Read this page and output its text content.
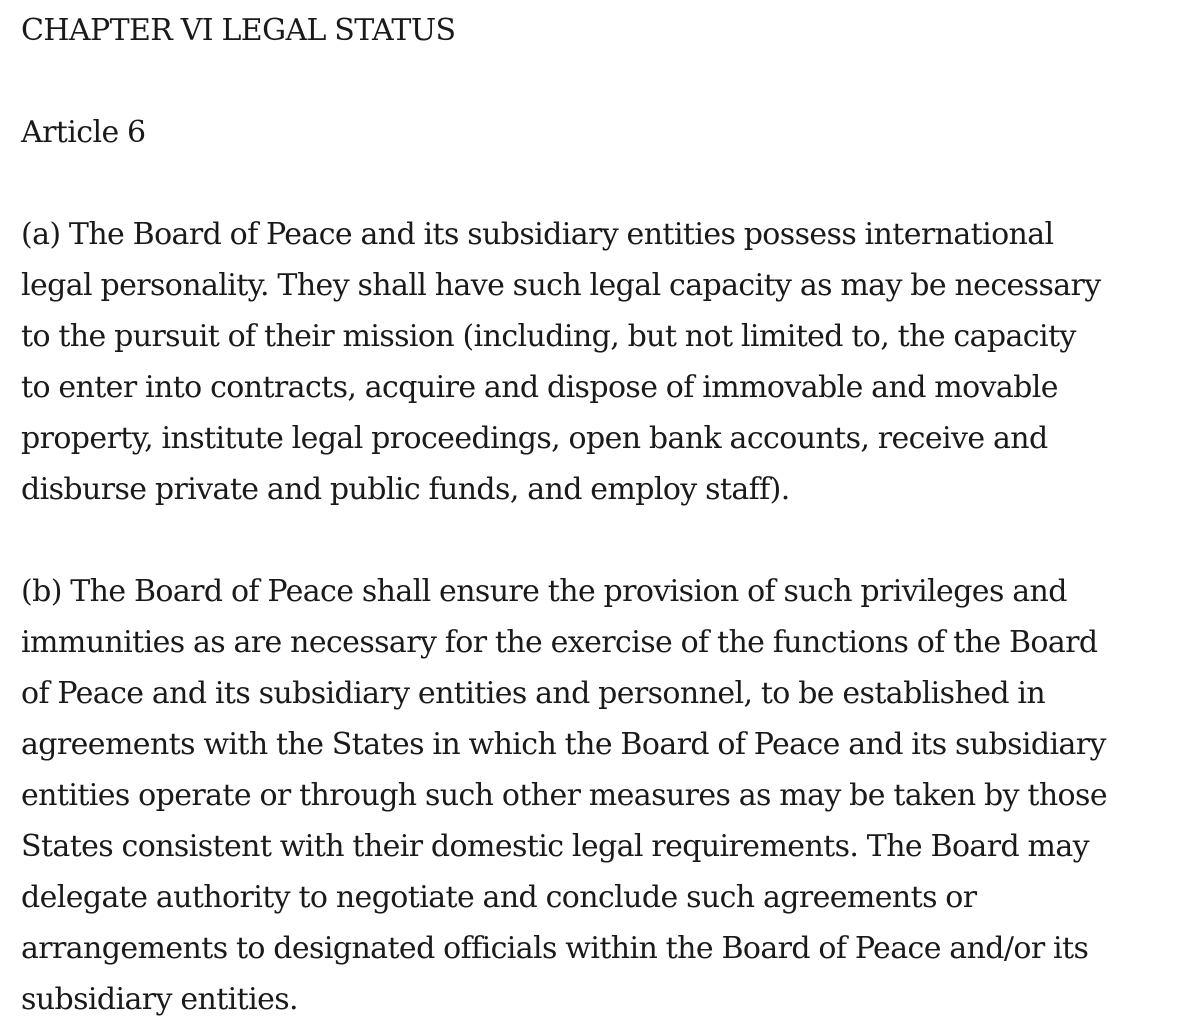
CHAPTER VI LEGAL STATUS
Article 6
(a) The Board of Peace and its subsidiary entities possess international
legal personality. They shall have such legal capacity as may be necessary
to the pursuit of their mission (including, but not limited to, the capacity
to enter into contracts, acquire and dispose of immovable and movable
property, institute legal proceedings, open bank accounts, receive and
disburse private and public funds, and employ staff).
(b) The Board of Peace shall ensure the provision of such privileges and
immunities as are necessary for the exercise of the functions of the Board
of Peace and its subsidiary entities and personnel, to be established in
agreements with the States in which the Board of Peace and its subsidiary
entities operate or through such other measures as may be taken by those
States consistent with their domestic legal requirements. The Board may
delegate authority to negotiate and conclude such agreements or
arrangements to designated officials within the Board of Peace and/or its
subsidiary entities.
